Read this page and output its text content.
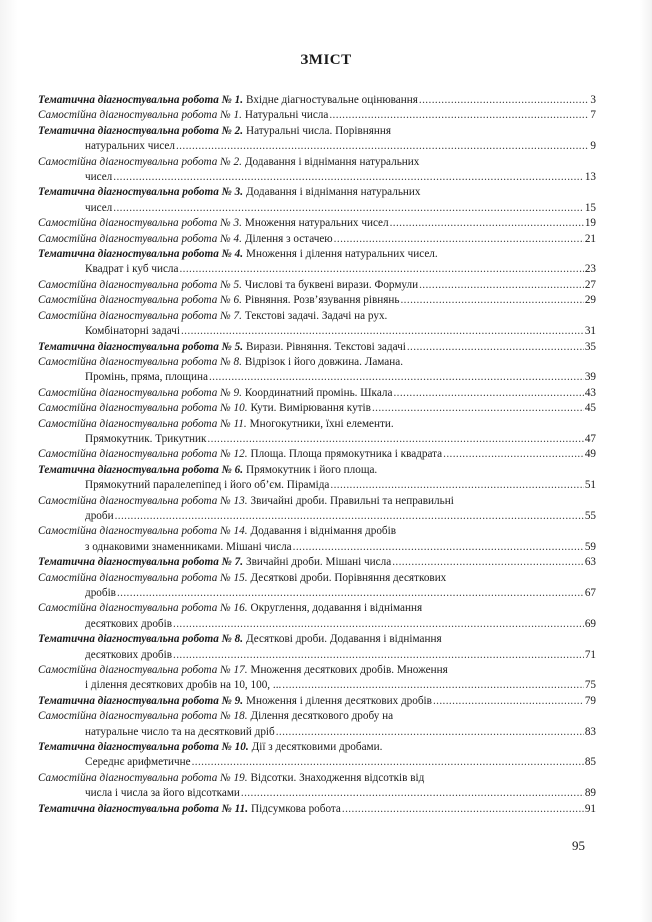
ЗМІСТ
Тематична діагностувальна робота № 1. Вхідне діагностувальне оцінювання .....	3
Самостійна діагностувальна робота № 1. Натуральні числа .....	7
Тематична діагностувальна робота № 2. Натуральні числа. Порівняння
натуральних чисел .....	9
Самостійна діагностувальна робота № 2. Додавання і віднімання натуральних
чисел .....	13
Тематична діагностувальна робота № 3. Додавання і віднімання натуральних
чисел .....	15
Самостійна діагностувальна робота № 3. Множення натуральних чисел .....	19
Самостійна діагностувальна робота № 4. Ділення з остачею .....	21
Тематична діагностувальна робота № 4. Множення і ділення натуральних чисел.
Квадрат і куб числа .....	23
Самостійна діагностувальна робота № 5. Числові та буквені вирази. Формули .....	27
Самостійна діагностувальна робота № 6. Рівняння. Розв’язування рівнянь .....	29
Самостійна діагностувальна робота № 7. Текстові задачі. Задачі на рух.
Комбінаторні задачі .....	31
Тематична діагностувальна робота № 5. Вирази. Рівняння. Текстові задачі .....	35
Самостійна діагностувальна робота № 8. Відрізок і його довжина. Ламана.
Промінь, пряма, площина .....	39
Самостійна діагностувальна робота № 9. Координатний промінь. Шкала .....	43
Самостійна діагностувальна робота № 10. Кути. Вимірювання кутів .....	45
Самостійна діагностувальна робота № 11. Многокутники, їхні елементи.
Прямокутник. Трикутник .....	47
Самостійна діагностувальна робота № 12. Площа. Площа прямокутника і квадрата .....	49
Тематична діагностувальна робота № 6. Прямокутник і його площа.
Прямокутний паралелепіпед і його об’єм. Піраміда .....	51
Самостійна діагностувальна робота № 13. Звичайні дроби. Правильні та неправильні
дроби .....	55
Самостійна діагностувальна робота № 14. Додавання і віднімання дробів
з однаковими знаменниками. Мішані числа .....	59
Тематична діагностувальна робота № 7. Звичайні дроби. Мішані числа .....	63
Самостійна діагностувальна робота № 15. Десяткові дроби. Порівняння десяткових
дробів .....	67
Самостійна діагностувальна робота № 16. Округлення, додавання і віднімання
десяткових дробів .....	69
Тематична діагностувальна робота № 8. Десяткові дроби. Додавання і віднімання
десяткових дробів .....	71
Самостійна діагностувальна робота № 17. Множення десяткових дробів. Множення
і ділення десяткових дробів на 10, 100, ... .....	75
Тематична діагностувальна робота № 9. Множення і ділення десяткових дробів .....	79
Самостійна діагностувальна робота № 18. Ділення десяткового дробу на
натуральне число та на десятковий дріб .....	83
Тематична діагностувальна робота № 10. Дії з десятковими дробами.
Середнє арифметичне .....	85
Самостійна діагностувальна робота № 19. Відсотки. Знаходження відсотків від
числа і числа за його відсотками .....	89
Тематична діагностувальна робота № 11. Підсумкова робота .....	91
95
